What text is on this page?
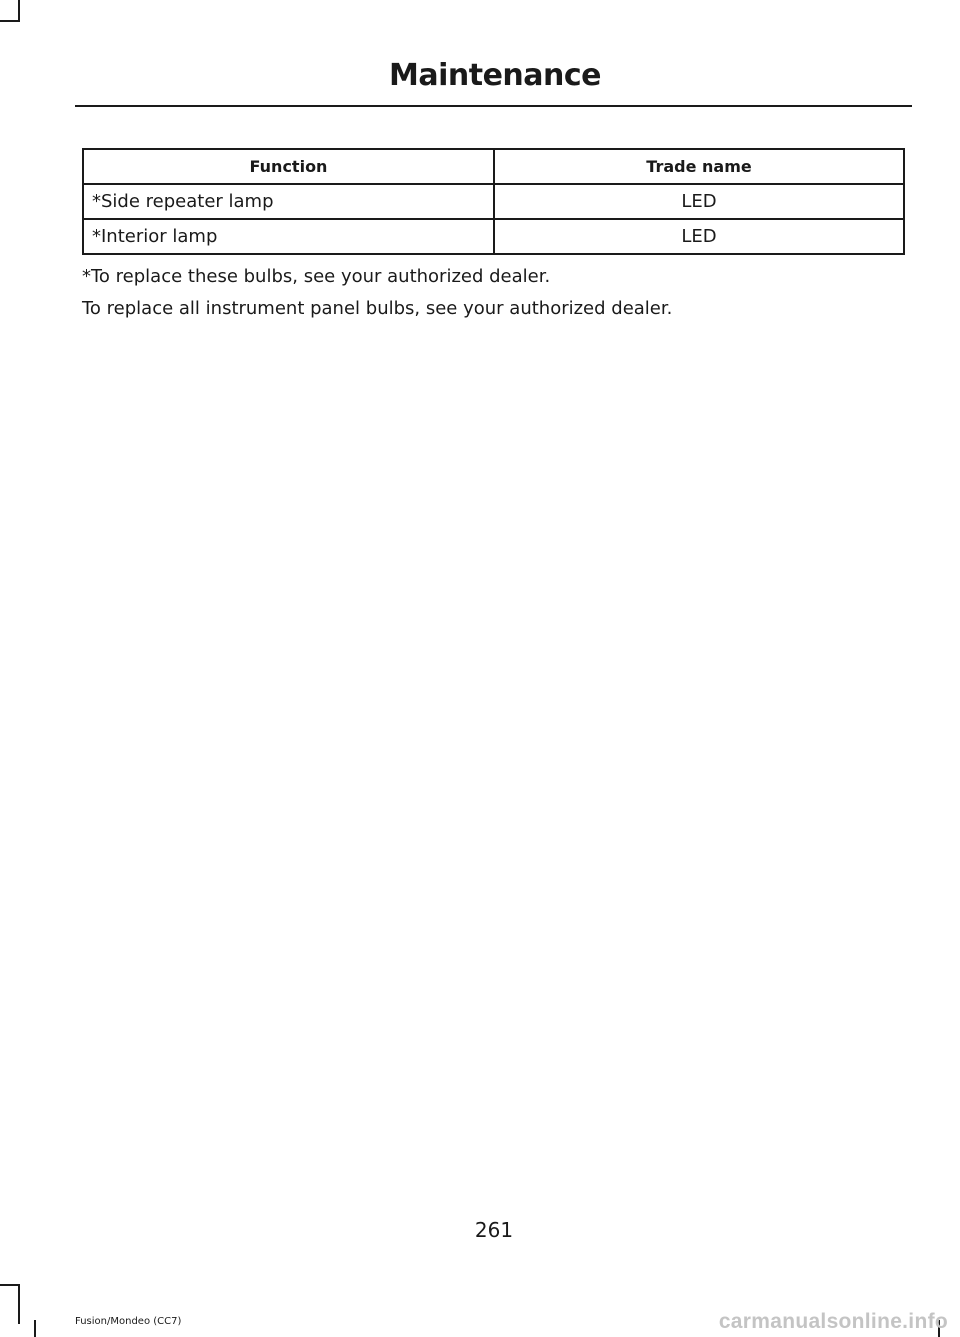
Maintenance
Function	Trade name
*Side repeater lamp	LED
*Interior lamp	LED
*To replace these bulbs, see your authorized dealer.
To replace all instrument panel bulbs, see your authorized dealer.
261
Fusion/Mondeo (CC7)	carmanualsonline.info
